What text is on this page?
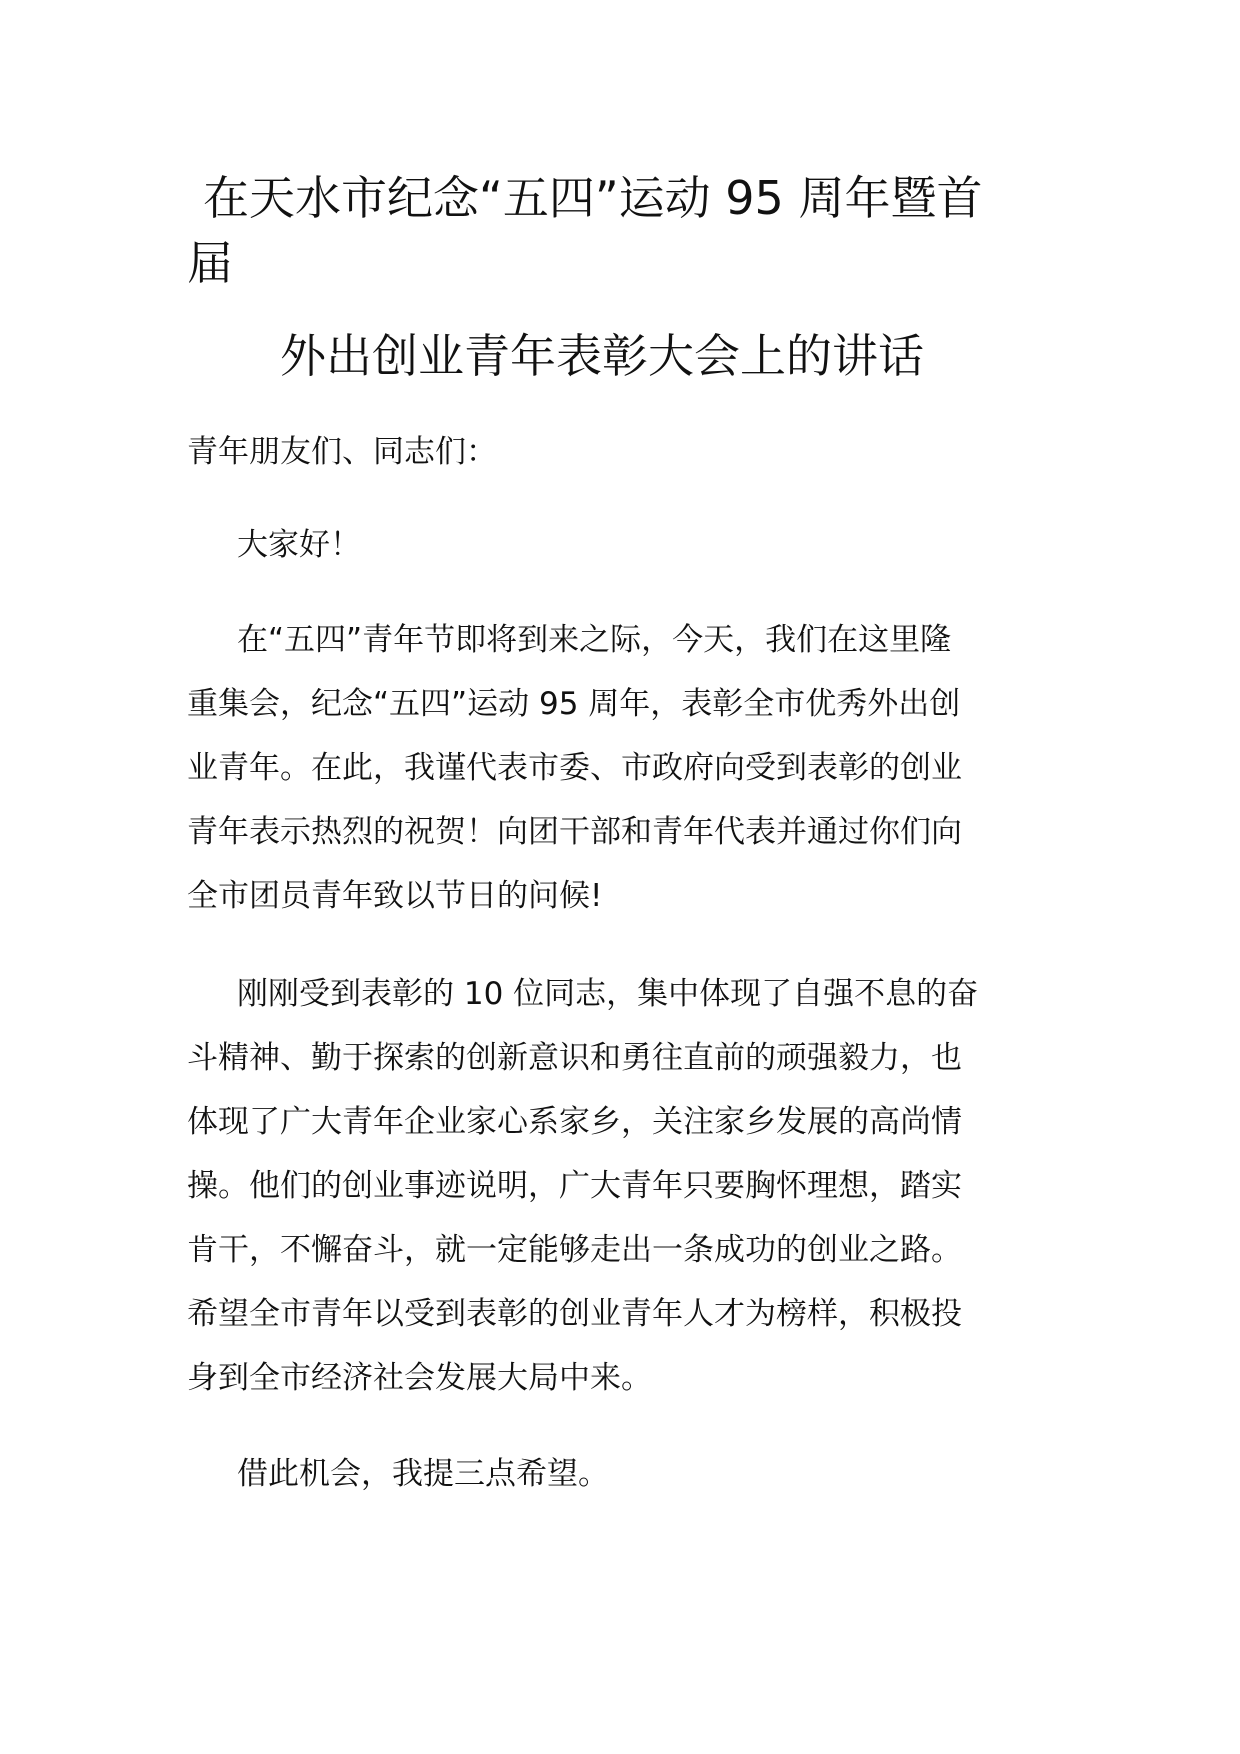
在天水市纪念“五四”运动 95 周年暨首
届
外出创业青年表彰大会上的讲话

青年朋友们、同志们：

大家好！

在“五四”青年节即将到来之际，今天，我们在这里隆
重集会，纪念“五四”运动 95 周年，表彰全市优秀外出创
业青年。在此，我谨代表市委、市政府向受到表彰的创业
青年表示热烈的祝贺！向团干部和青年代表并通过你们向
全市团员青年致以节日的问候!

刚刚受到表彰的 10 位同志，集中体现了自强不息的奋
斗精神、勤于探索的创新意识和勇往直前的顽强毅力，也
体现了广大青年企业家心系家乡，关注家乡发展的高尚情
操。他们的创业事迹说明，广大青年只要胸怀理想，踏实
肯干，不懈奋斗，就一定能够走出一条成功的创业之路。
希望全市青年以受到表彰的创业青年人才为榜样，积极投
身到全市经济社会发展大局中来。

借此机会，我提三点希望。
